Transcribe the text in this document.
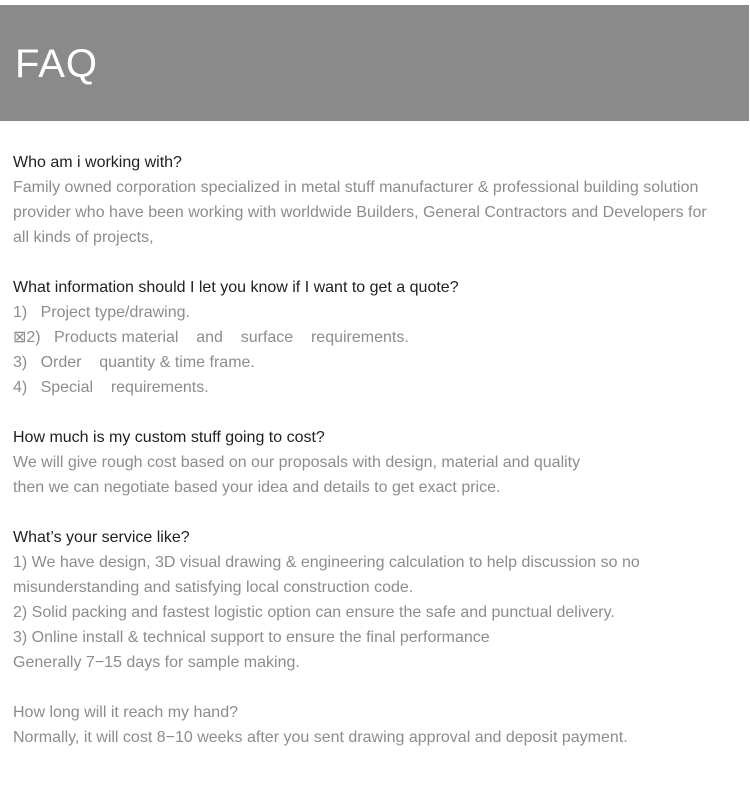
FAQ

Who am i working with?

Family owned corporation specialized in metal stuff manufacturer & professional building solution

provider who have been working with worldwide Builders, General Contractors and Developers for

all kinds of projects,

What information should I let you know if I want to get a quote?

1)   Project type/drawing.

⊠2)   Products material    and    surface    requirements.

3)   Order    quantity & time frame.

4)   Special    requirements.

How much is my custom stuff going to cost?

We will give rough cost based on our proposals with design, material and quality

then we can negotiate based your idea and details to get exact price.

What’s your service like?

1) We have design, 3D visual drawing & engineering calculation to help discussion so no

misunderstanding and satisfying local construction code.

2) Solid packing and fastest logistic option can ensure the safe and punctual delivery.

3) Online install & technical support to ensure the final performance

Generally 7−15 days for sample making.

How long will it reach my hand?

Normally, it will cost 8−10 weeks after you sent drawing approval and deposit payment.
